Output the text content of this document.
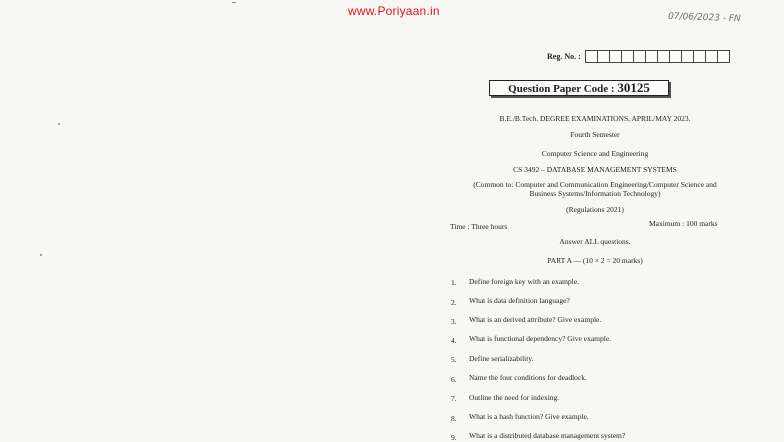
www.Poriyaan.in
07/06/2023 - FN
Reg. No. :
Question Paper Code : 30125
B.E./B.Tech. DEGREE EXAMINATIONS, APRIL/MAY 2023.
Fourth Semester
Computer Science and Engineering
CS 3492 – DATABASE MANAGEMENT SYSTEMS
(Common to: Computer and Communication Engineering/Computer Science and
Business Systems/Information Technology)
(Regulations 2021)
Time : Three hours	Maximum : 100 marks
Answer ALL questions.
PART A — (10 × 2 = 20 marks)
1. Define foreign key with an example.
2. What is data definition language?
3. What is an derived attribute? Give example.
4. What is functional dependency? Give example.
5. Define serializability.
6. Name the four conditions for deadlock.
7. Outline the need for indexing.
8. What is a hash function? Give example.
9. What is a distributed database management system?
